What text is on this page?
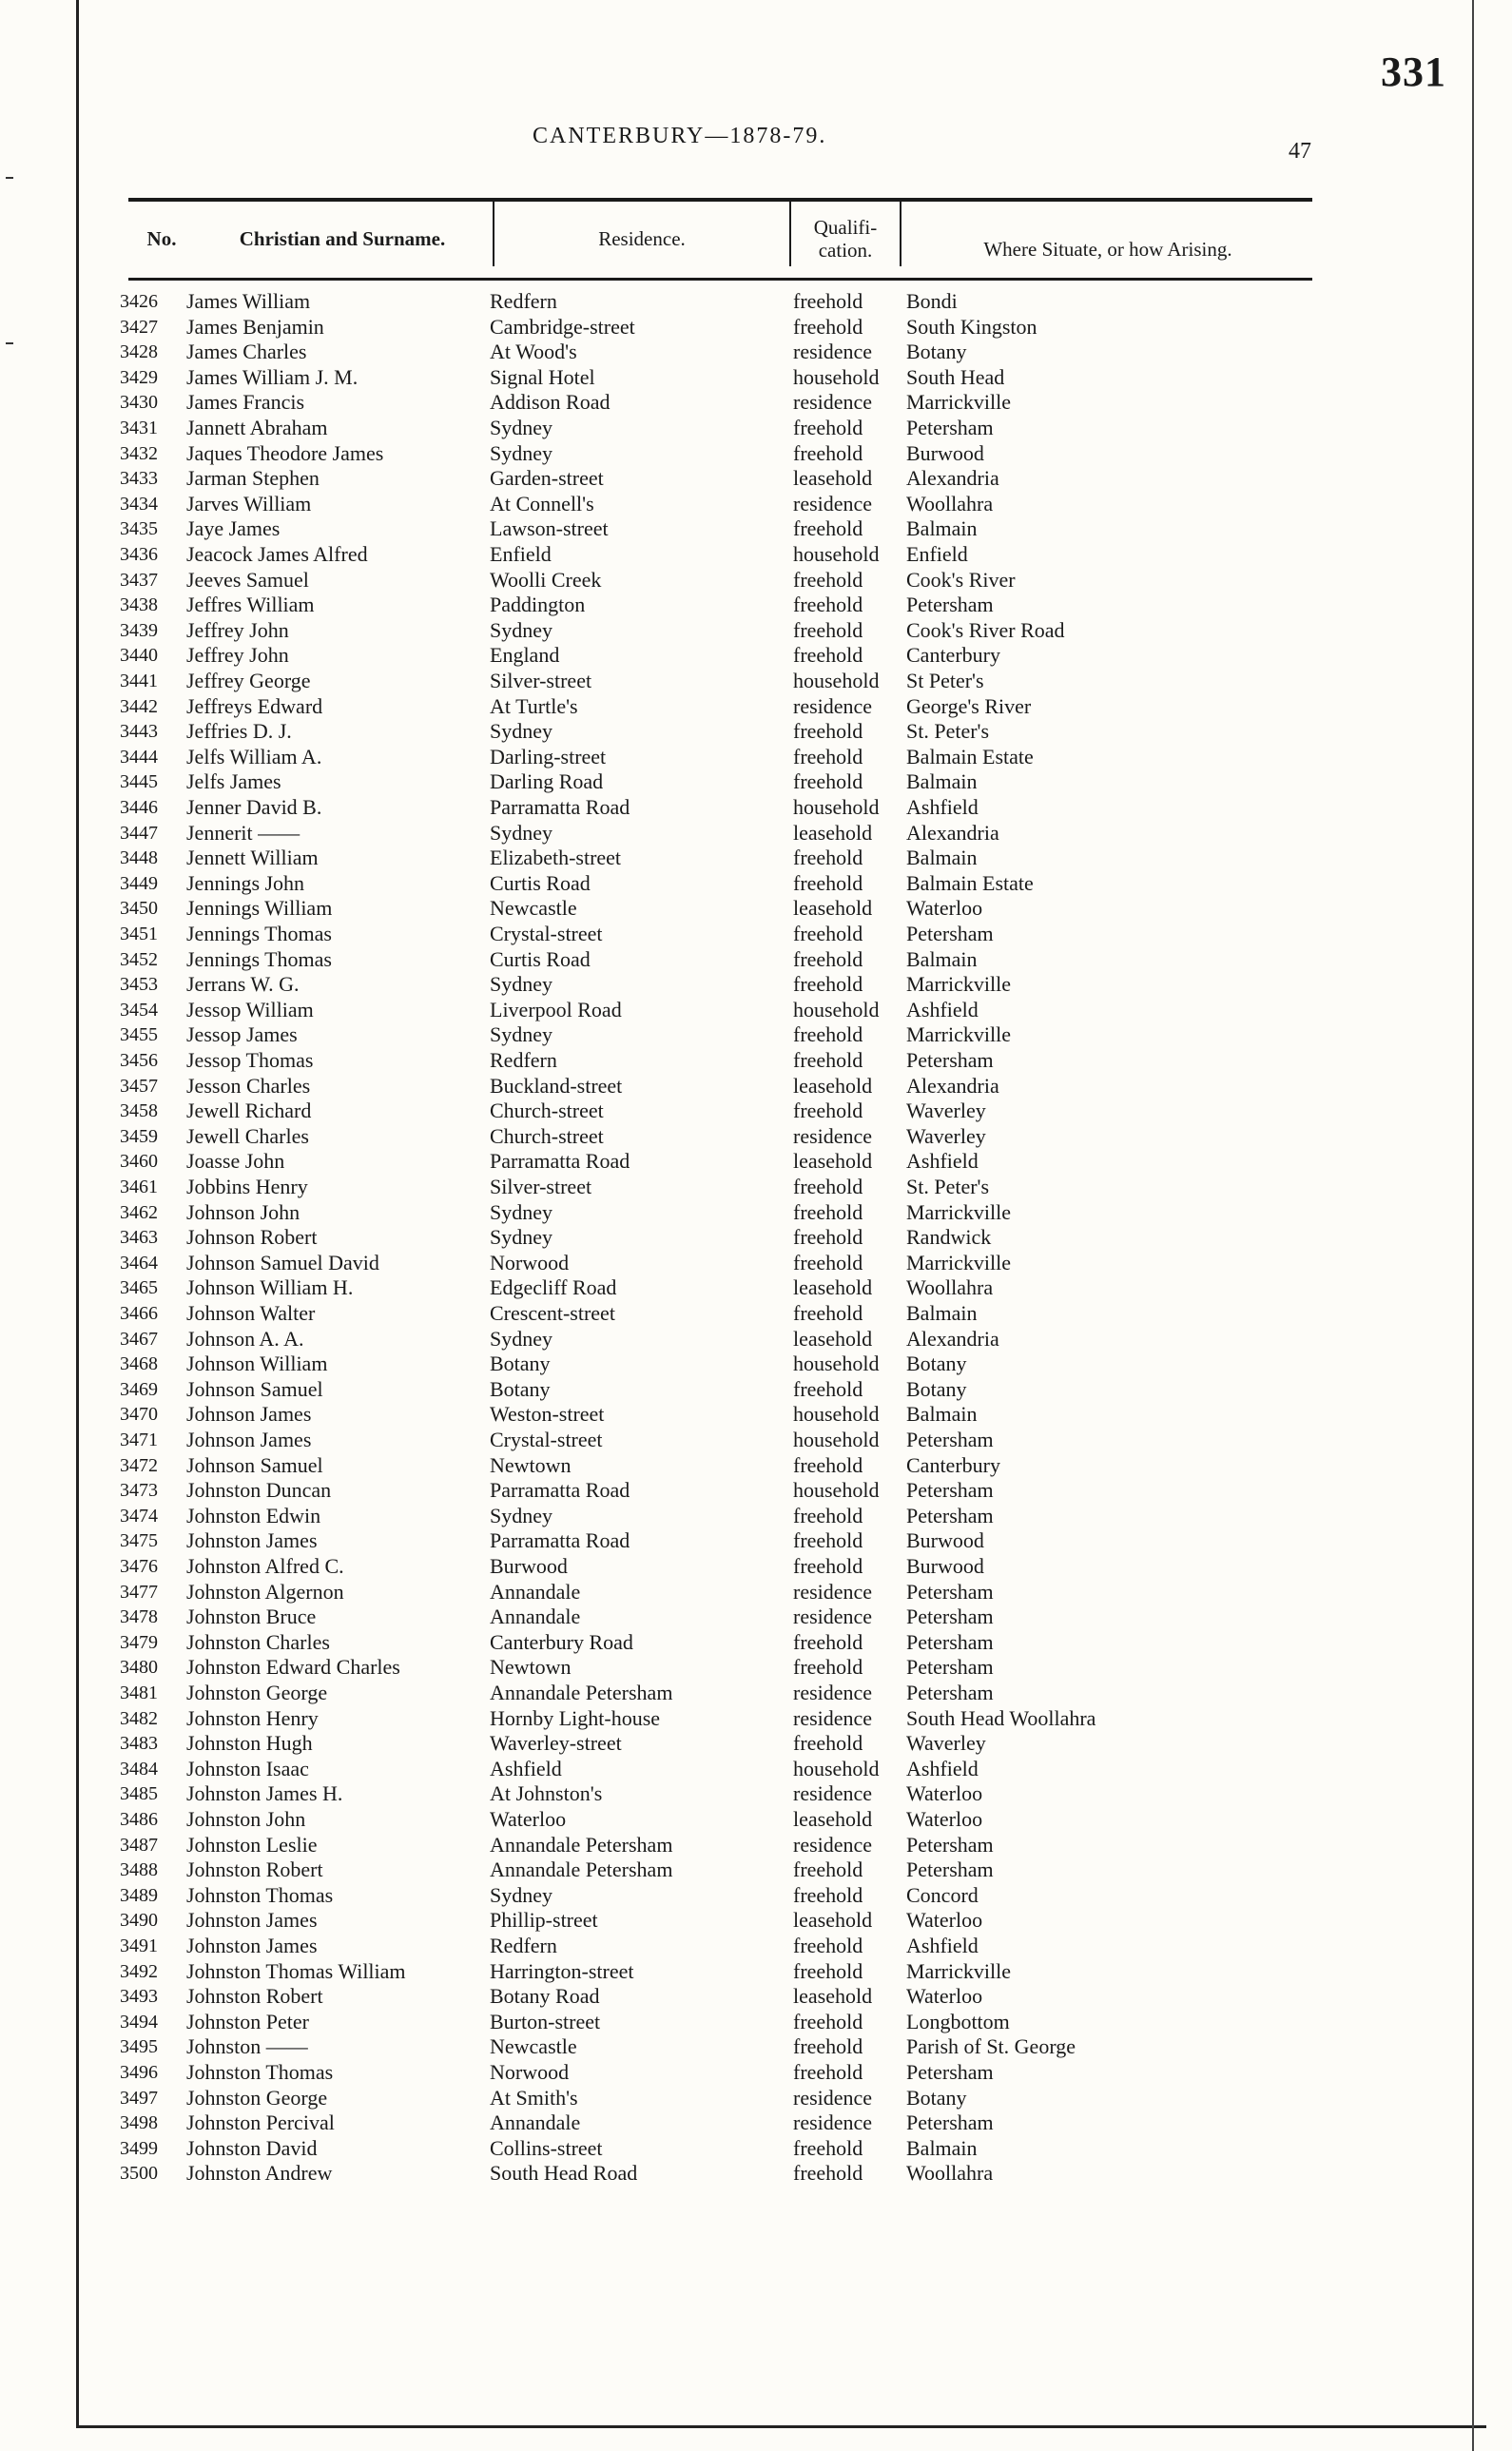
331
CANTERBURY—1878-79.
47
No.	Christian and Surname.	Residence.	Qualifi- cation.	Where Situate, or how Arising.
3426 James William	Redfern	freehold Bondi
3427 James Benjamin	Cambridge-street	freehold South Kingston
3428 James Charles	At Wood's	residence Botany
3429 James William J. M.	Signal Hotel	household South Head
3430 James Francis	Addison Road	residence Marrickville
3431 Jannett Abraham	Sydney	freehold Petersham
3432 Jaques Theodore James	Sydney	freehold Burwood
3433 Jarman Stephen	Garden-street	leasehold Alexandria
3434 Jarves William	At Connell's	residence Woollahra
3435 Jaye James	Lawson-street	freehold Balmain
3436 Jeacock James Alfred	Enfield	household Enfield
3437 Jeeves Samuel	Woolli Creek	freehold Cook's River
3438 Jeffres William	Paddington	freehold Petersham
3439 Jeffrey John	Sydney	freehold Cook's River Road
3440 Jeffrey John	England	freehold Canterbury
3441 Jeffrey George	Silver-street	household St Peter's
3442 Jeffreys Edward	At Turtle's	residence George's River
3443 Jeffries D. J.	Sydney	freehold St. Peter's
3444 Jelfs William A.	Darling-street	freehold Balmain Estate
3445 Jelfs James	Darling Road	freehold Balmain
3446 Jenner David B.	Parramatta Road	household Ashfield
3447 Jennerit ——	Sydney	leasehold Alexandria
3448 Jennett William	Elizabeth-street	freehold Balmain
3449 Jennings John	Curtis Road	freehold Balmain Estate
3450 Jennings William	Newcastle	leasehold Waterloo
3451 Jennings Thomas	Crystal-street	freehold Petersham
3452 Jennings Thomas	Curtis Road	freehold Balmain
3453 Jerrans W. G.	Sydney	freehold Marrickville
3454 Jessop William	Liverpool Road	household Ashfield
3455 Jessop James	Sydney	freehold Marrickville
3456 Jessop Thomas	Redfern	freehold Petersham
3457 Jesson Charles	Buckland-street	leasehold Alexandria
3458 Jewell Richard	Church-street	freehold Waverley
3459 Jewell Charles	Church-street	residence Waverley
3460 Joasse John	Parramatta Road	leasehold Ashfield
3461 Jobbins Henry	Silver-street	freehold St. Peter's
3462 Johnson John	Sydney	freehold Marrickville
3463 Johnson Robert	Sydney	freehold Randwick
3464 Johnson Samuel David	Norwood	freehold Marrickville
3465 Johnson William H.	Edgecliff Road	leasehold Woollahra
3466 Johnson Walter	Crescent-street	freehold Balmain
3467 Johnson A. A.	Sydney	leasehold Alexandria
3468 Johnson William	Botany	household Botany
3469 Johnson Samuel	Botany	freehold Botany
3470 Johnson James	Weston-street	household Balmain
3471 Johnson James	Crystal-street	household Petersham
3472 Johnson Samuel	Newtown	freehold Canterbury
3473 Johnston Duncan	Parramatta Road	household Petersham
3474 Johnston Edwin	Sydney	freehold Petersham
3475 Johnston James	Parramatta Road	freehold Burwood
3476 Johnston Alfred C.	Burwood	freehold Burwood
3477 Johnston Algernon	Annandale	residence Petersham
3478 Johnston Bruce	Annandale	residence Petersham
3479 Johnston Charles	Canterbury Road	freehold Petersham
3480 Johnston Edward Charles	Newtown	freehold Petersham
3481 Johnston George	Annandale Petersham	residence Petersham
3482 Johnston Henry	Hornby Light-house	residence South Head Woollahra
3483 Johnston Hugh	Waverley-street	freehold Waverley
3484 Johnston Isaac	Ashfield	household Ashfield
3485 Johnston James H.	At Johnston's	residence Waterloo
3486 Johnston John	Waterloo	leasehold Waterloo
3487 Johnston Leslie	Annandale Petersham	residence Petersham
3488 Johnston Robert	Annandale Petersham	freehold Petersham
3489 Johnston Thomas	Sydney	freehold Concord
3490 Johnston James	Phillip-street	leasehold Waterloo
3491 Johnston James	Redfern	freehold Ashfield
3492 Johnston Thomas William	Harrington-street	freehold Marrickville
3493 Johnston Robert	Botany Road	leasehold Waterloo
3494 Johnston Peter	Burton-street	freehold Longbottom
3495 Johnston ——	Newcastle	freehold Parish of St. George
3496 Johnston Thomas	Norwood	freehold Petersham
3497 Johnston George	At Smith's	residence Botany
3498 Johnston Percival	Annandale	residence Petersham
3499 Johnston David	Collins-street	freehold Balmain
3500 Johnston Andrew	South Head Road	freehold Woollahra
